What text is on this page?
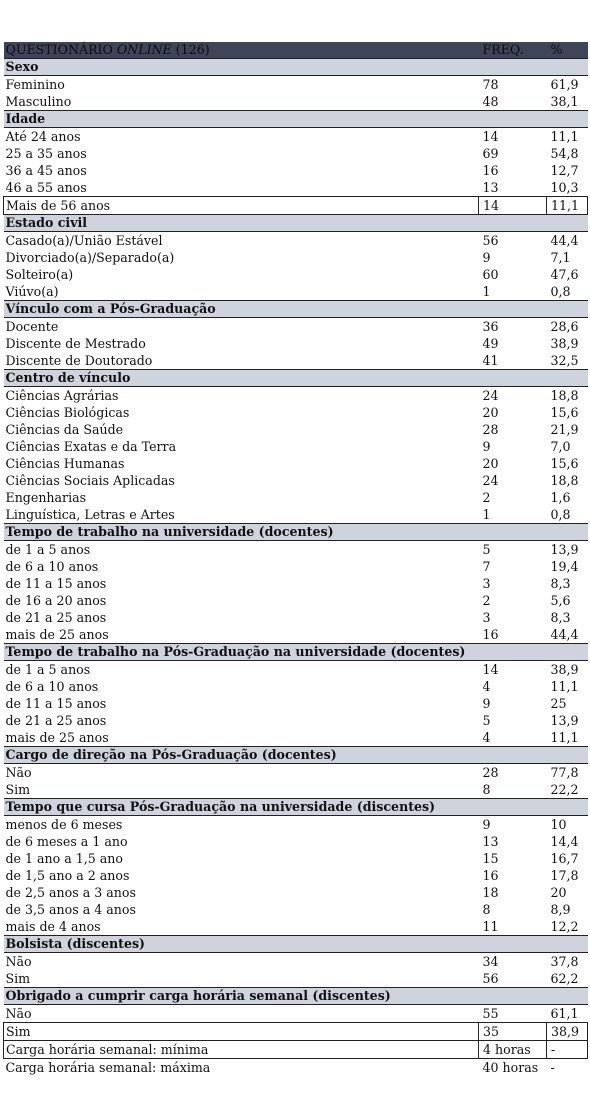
QUESTIONÁRIO ONLINE (126)	FREQ.	%
Sexo		
Feminino	78	61,9
Masculino	48	38,1
Idade		
Até 24 anos	14	11,1
25 a 35 anos	69	54,8
36 a 45 anos	16	12,7
46 a 55 anos	13	10,3
Mais de 56 anos	14	11,1
Estado civil		
Casado(a)/União Estável	56	44,4
Divorciado(a)/Separado(a)	9	7,1
Solteiro(a)	60	47,6
Viúvo(a)	1	0,8
Vínculo com a Pós-Graduação		
Docente	36	28,6
Discente de Mestrado	49	38,9
Discente de Doutorado	41	32,5
Centro de vínculo		
Ciências Agrárias	24	18,8
Ciências Biológicas	20	15,6
Ciências da Saúde	28	21,9
Ciências Exatas e da Terra	9	7,0
Ciências Humanas	20	15,6
Ciências Sociais Aplicadas	24	18,8
Engenharias	2	1,6
Linguística, Letras e Artes	1	0,8
Tempo de trabalho na universidade (docentes)		
de 1 a 5 anos	5	13,9
de 6 a 10 anos	7	19,4
de 11 a 15 anos	3	8,3
de 16 a 20 anos	2	5,6
de 21 a 25 anos	3	8,3
mais de 25 anos	16	44,4
Tempo de trabalho na Pós-Graduação na universidade (docentes)		
de 1 a 5 anos	14	38,9
de 6 a 10 anos	4	11,1
de 11 a 15 anos	9	25
de 21 a 25 anos	5	13,9
mais de 25 anos	4	11,1
Cargo de direção na Pós-Graduação (docentes)		
Não	28	77,8
Sim	8	22,2
Tempo que cursa Pós-Graduação na universidade (discentes)		
menos de 6 meses	9	10
de 6 meses a 1 ano	13	14,4
de 1 ano a 1,5 ano	15	16,7
de 1,5 ano a 2 anos	16	17,8
de 2,5 anos a 3 anos	18	20
de 3,5 anos a 4 anos	8	8,9
mais de 4 anos	11	12,2
Bolsista (discentes)		
Não	34	37,8
Sim	56	62,2
Obrigado a cumprir carga horária semanal (discentes)		
Não	55	61,1
Sim	35	38,9
Carga horária semanal: mínima	4 horas	-
Carga horária semanal: máxima	40 horas	-
